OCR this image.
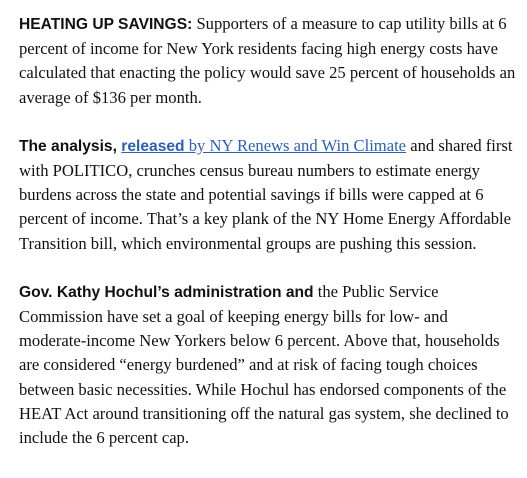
HEATING UP SAVINGS: Supporters of a measure to cap utility bills at 6 percent of income for New York residents facing high energy costs have calculated that enacting the policy would save 25 percent of households an average of $136 per month.

The analysis, released by NY Renews and Win Climate and shared first with POLITICO, crunches census bureau numbers to estimate energy burdens across the state and potential savings if bills were capped at 6 percent of income. That’s a key plank of the NY Home Energy Affordable Transition bill, which environmental groups are pushing this session.

Gov. Kathy Hochul’s administration and the Public Service Commission have set a goal of keeping energy bills for low- and moderate-income New Yorkers below 6 percent. Above that, households are considered “energy burdened” and at risk of facing tough choices between basic necessities. While Hochul has endorsed components of the HEAT Act around transitioning off the natural gas system, she declined to include the 6 percent cap.
